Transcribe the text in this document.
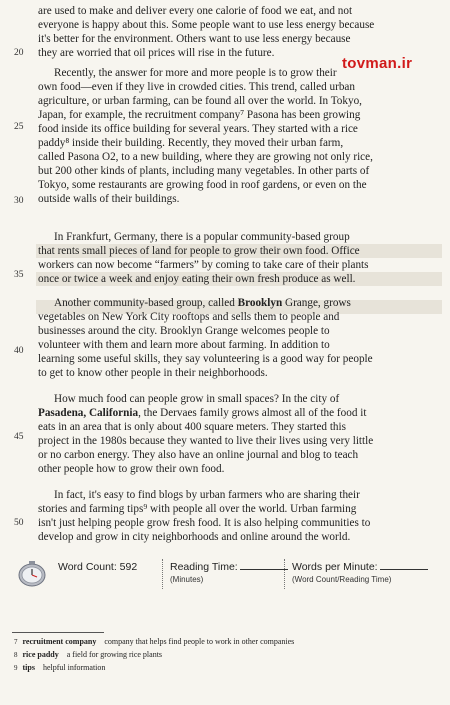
20
25
30
35
40
45
50
tovman.ir
are used to make and deliver every one calorie of food we eat, and not
everyone is happy about this. Some people want to use less energy because
it's better for the environment. Others want to use less energy because
they are worried that oil prices will rise in the future.
Recently, the answer for more and more people is to grow their
own food—even if they live in crowded cities. This trend, called urban
agriculture, or urban farming, can be found all over the world. In Tokyo,
Japan, for example, the recruitment company⁷ Pasona has been growing
food inside its office building for several years. They started with a rice
paddy⁸ inside their building. Recently, they moved their urban farm,
called Pasona O2, to a new building, where they are growing not only rice,
but 200 other kinds of plants, including many vegetables. In other parts of
Tokyo, some restaurants are growing food in roof gardens, or even on the
outside walls of their buildings.
In Frankfurt, Germany, there is a popular community-based group
that rents small pieces of land for people to grow their own food. Office
workers can now become “farmers” by coming to take care of their plants
once or twice a week and enjoy eating their own fresh produce as well.
Another community-based group, called Brooklyn Grange, grows
vegetables on New York City rooftops and sells them to people and
businesses around the city. Brooklyn Grange welcomes people to
volunteer with them and learn more about farming. In addition to
learning some useful skills, they say volunteering is a good way for people
to get to know other people in their neighborhoods.
How much food can people grow in small spaces? In the city of
Pasadena, California, the Dervaes family grows almost all of the food it
eats in an area that is only about 400 square meters. They started this
project in the 1980s because they wanted to live their lives using very little
or no carbon energy. They also have an online journal and blog to teach
other people how to grow their own food.
In fact, it's easy to find blogs by urban farmers who are sharing their
stories and farming tips⁹ with people all over the world. Urban farming
isn't just helping people grow fresh food. It is also helping communities to
develop and grow in city neighborhoods and online around the world.
Word Count: 592	Reading Time:
(Minutes)
Words per Minute:
(Word Count/Reading Time)
$^7$ recruitment company company that helps find people to work in other companies
$^8$ rice paddy a field for growing rice plants
$^9$ tips helpful information
